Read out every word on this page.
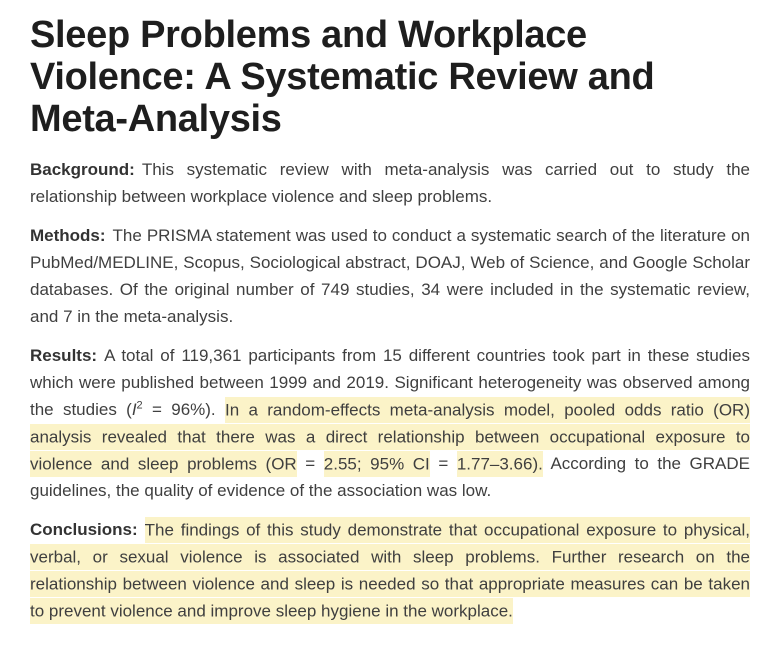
Sleep Problems and Workplace
Violence: A Systematic Review and
Meta-Analysis

Background: This systematic review with meta-analysis was carried out to study the relationship between workplace violence and sleep problems.

Methods: The PRISMA statement was used to conduct a systematic search of the literature on PubMed/MEDLINE, Scopus, Sociological abstract, DOAJ, Web of Science, and Google Scholar databases. Of the original number of 749 studies, 34 were included in the systematic review, and 7 in the meta-analysis.

Results: A total of 119,361 participants from 15 different countries took part in these studies which were published between 1999 and 2019. Significant heterogeneity was observed among the studies $(I^2 = 96\%)$. In a random-effects meta-analysis model, pooled odds ratio (OR) analysis revealed that there was a direct relationship between occupational exposure to violence and sleep problems (OR = 2.55; 95% CI = 1.77–3.66). According to the GRADE guidelines, the quality of evidence of the association was low.

Conclusions: The findings of this study demonstrate that occupational exposure to physical, verbal, or sexual violence is associated with sleep problems. Further research on the relationship between violence and sleep is needed so that appropriate measures can be taken to prevent violence and improve sleep hygiene in the workplace.
